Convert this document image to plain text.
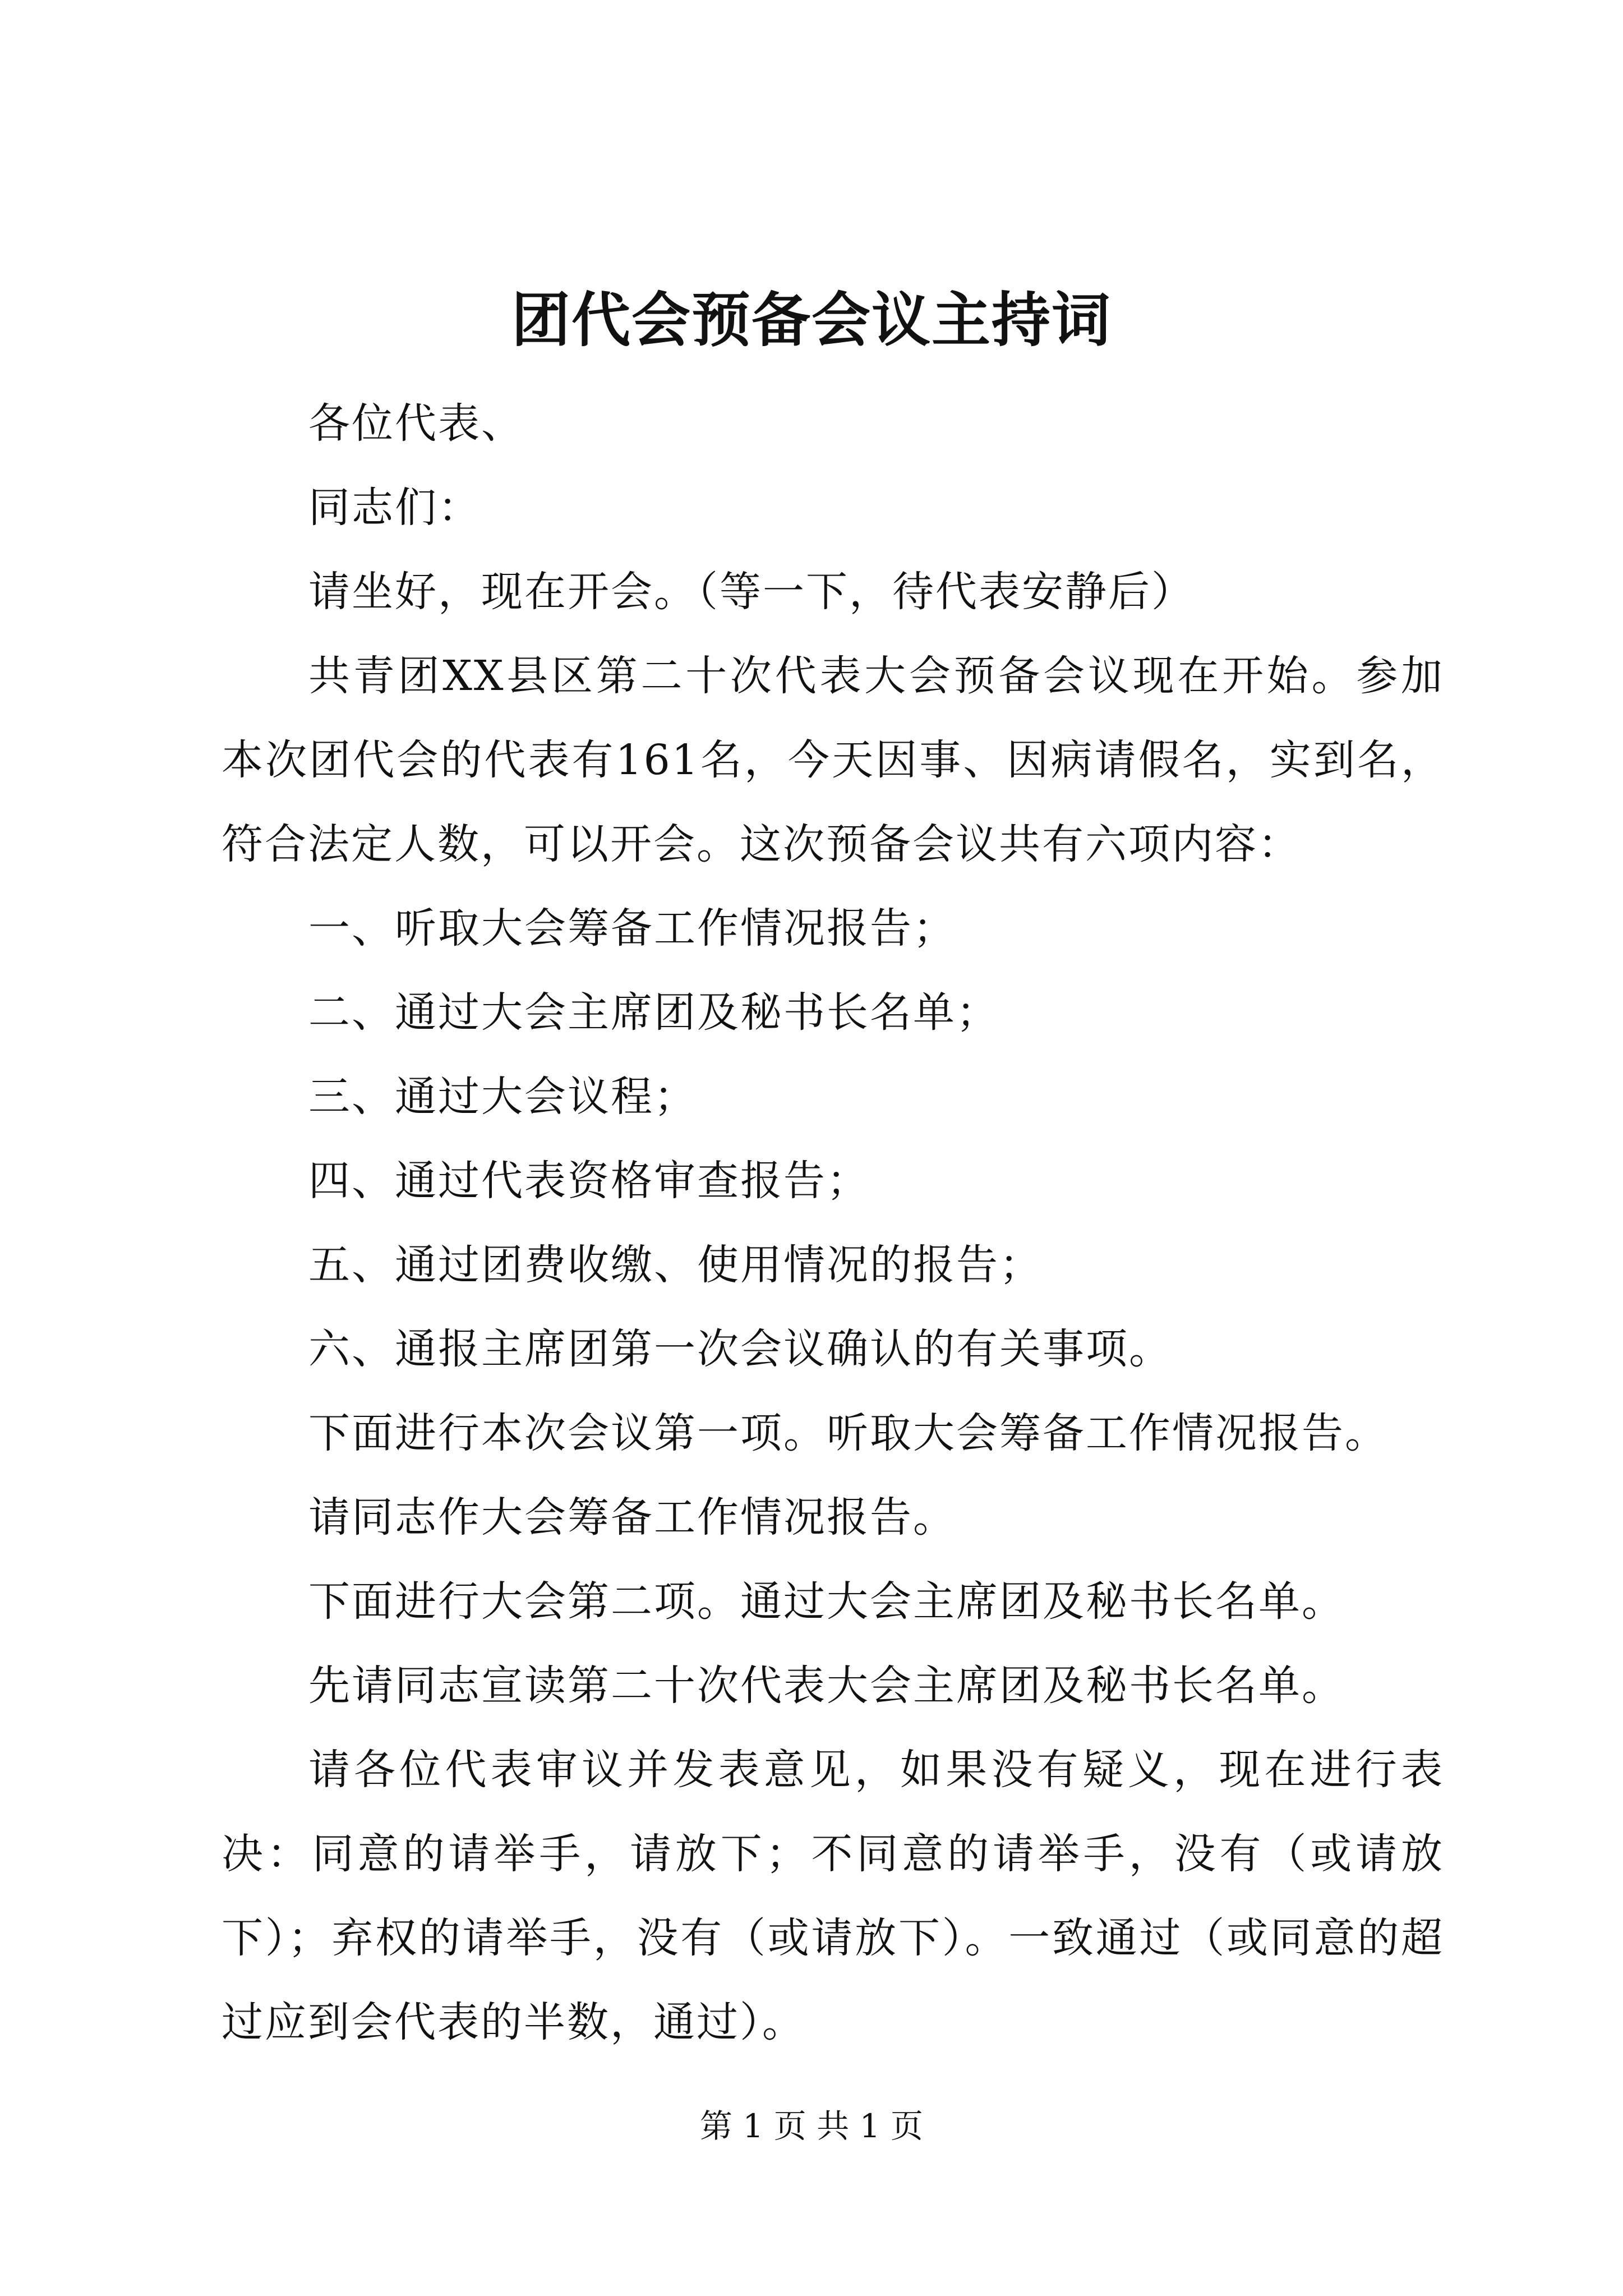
团代会预备会议主持词

各位代表、

同志们：

请坐好，现在开会。（等一下，待代表安静后）

共青团XX县区第二十次代表大会预备会议现在开始。参加本次团代会的代表有161名，今天因事、因病请假名，实到名，符合法定人数，可以开会。这次预备会议共有六项内容：

一、听取大会筹备工作情况报告；

二、通过大会主席团及秘书长名单；

三、通过大会议程；

四、通过代表资格审查报告；

五、通过团费收缴、使用情况的报告；

六、通报主席团第一次会议确认的有关事项。

下面进行本次会议第一项。听取大会筹备工作情况报告。

请同志作大会筹备工作情况报告。

下面进行大会第二项。通过大会主席团及秘书长名单。

先请同志宣读第二十次代表大会主席团及秘书长名单。

请各位代表审议并发表意见，如果没有疑义，现在进行表决：同意的请举手，请放下；不同意的请举手，没有（或请放下）；弃权的请举手，没有（或请放下）。一致通过（或同意的超过应到会代表的半数，通过）。

第 1 页 共 1 页
